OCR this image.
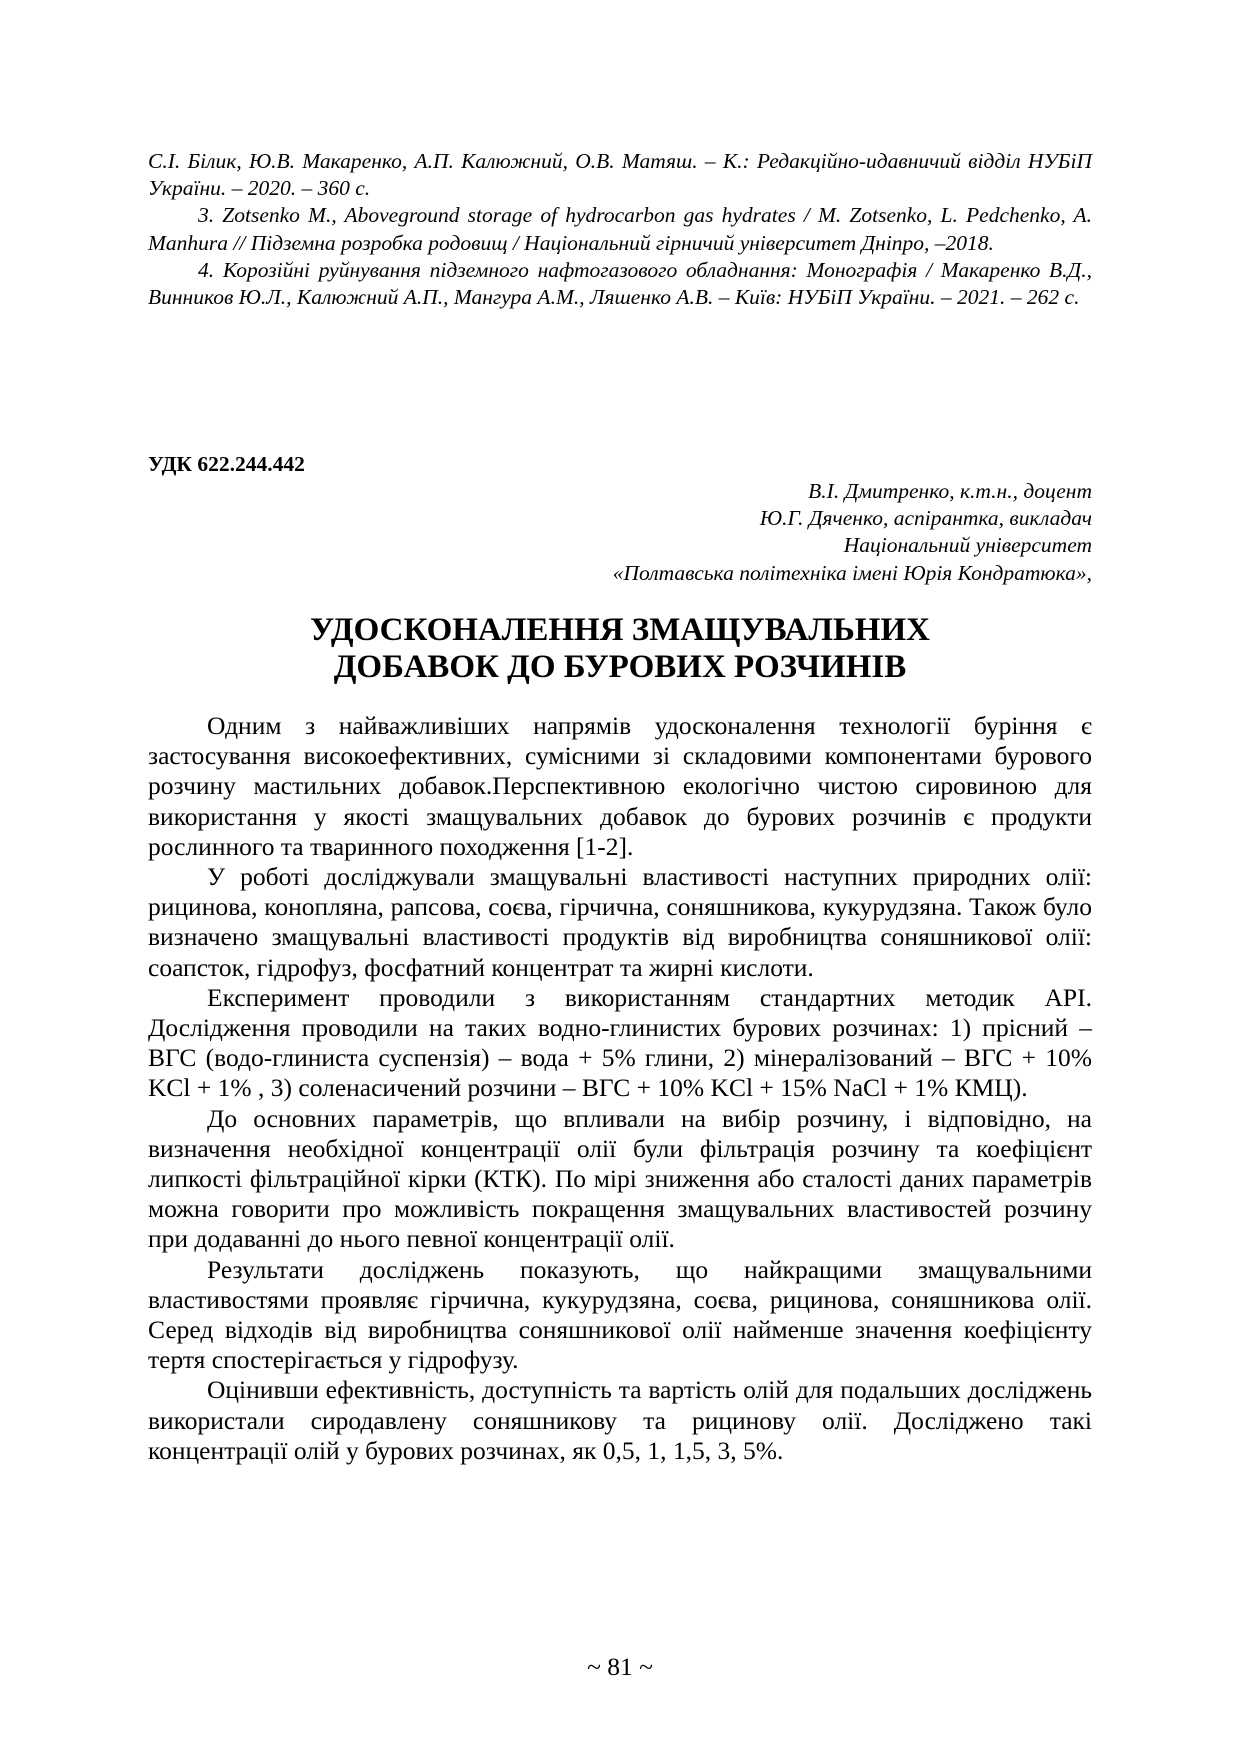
С.І. Білик, Ю.В. Макаренко, А.П. Калюжний, О.В. Матяш. – К.: Редакційно-идавничий відділ НУБіП України. – 2020. – 360 с.

3. Zotsenko M., Aboveground storage of hydrocarbon gas hydrates / M. Zotsenko, L. Pedchenko, A. Manhura // Підземна розробка родовищ / Національний гірничий університет Дніпро, –2018.

4. Корозійні руйнування підземного нафтогазового обладнання: Монографія / Макаренко В.Д., Винников Ю.Л., Калюжний А.П., Мангура А.М., Ляшенко А.В. – Київ: НУБіП України. – 2021. – 262 с.

УДК 622.244.442
В.І. Дмитренко, к.т.н., доцент
Ю.Г. Дяченко, аспірантка, викладач
Національний університет
«Полтавська політехніка імені Юрія Кондратюка»,
УДОСКОНАЛЕННЯ ЗМАЩУВАЛЬНИХ
ДОБАВОК ДО БУРОВИХ РОЗЧИНІВ

Одним з найважливіших напрямів удосконалення технології буріння є застосування високоефективних, сумісними зі складовими компонентами бурового розчину мастильних добавок.Перспективною екологічно чистою сировиною для використання у якості змащувальних добавок до бурових розчинів є продукти рослинного та тваринного походження [1-2].

У роботі досліджували змащувальні властивості наступних природних олії: рицинова, конопляна, рапсова, соєва, гірчична, соняшникова, кукурудзяна. Також було визначено змащувальні властивості продуктів від виробництва соняшникової олії: соапсток, гідрофуз, фосфатний концентрат та жирні кислоти.

Експеримент проводили з використанням стандартних методик API. Дослідження проводили на таких водно-глинистих бурових розчинах: 1) прісний – ВГС (водо-глиниста суспензія) – вода + 5% глини, 2) мінералізований – ВГС + 10% KCl + 1% , 3) соленасичений розчини – ВГС + 10% KCl + 15% NaCl + 1% КМЦ).

До основних параметрів, що впливали на вибір розчину, і відповідно, на визначення необхідної концентрації олії були фільтрація розчину та коефіцієнт липкості фільтраційної кірки (КТК). По мірі зниження або сталості даних параметрів можна говорити про можливість покращення змащувальних властивостей розчину при додаванні до нього певної концентрації олії.

Результати досліджень показують, що найкращими змащувальними властивостями проявляє гірчична, кукурудзяна, соєва, рицинова, соняшникова олії. Серед відходів від виробництва соняшникової олії найменше значення коефіцієнту тертя спостерігається у гідрофузу.

Оцінивши ефективність, доступність та вартість олій для подальших досліджень використали сиродавлену соняшникову та рицинову олії. Досліджено такі концентрації олій у бурових розчинах, як 0,5, 1, 1,5, 3, 5%.

~ 81 ~
